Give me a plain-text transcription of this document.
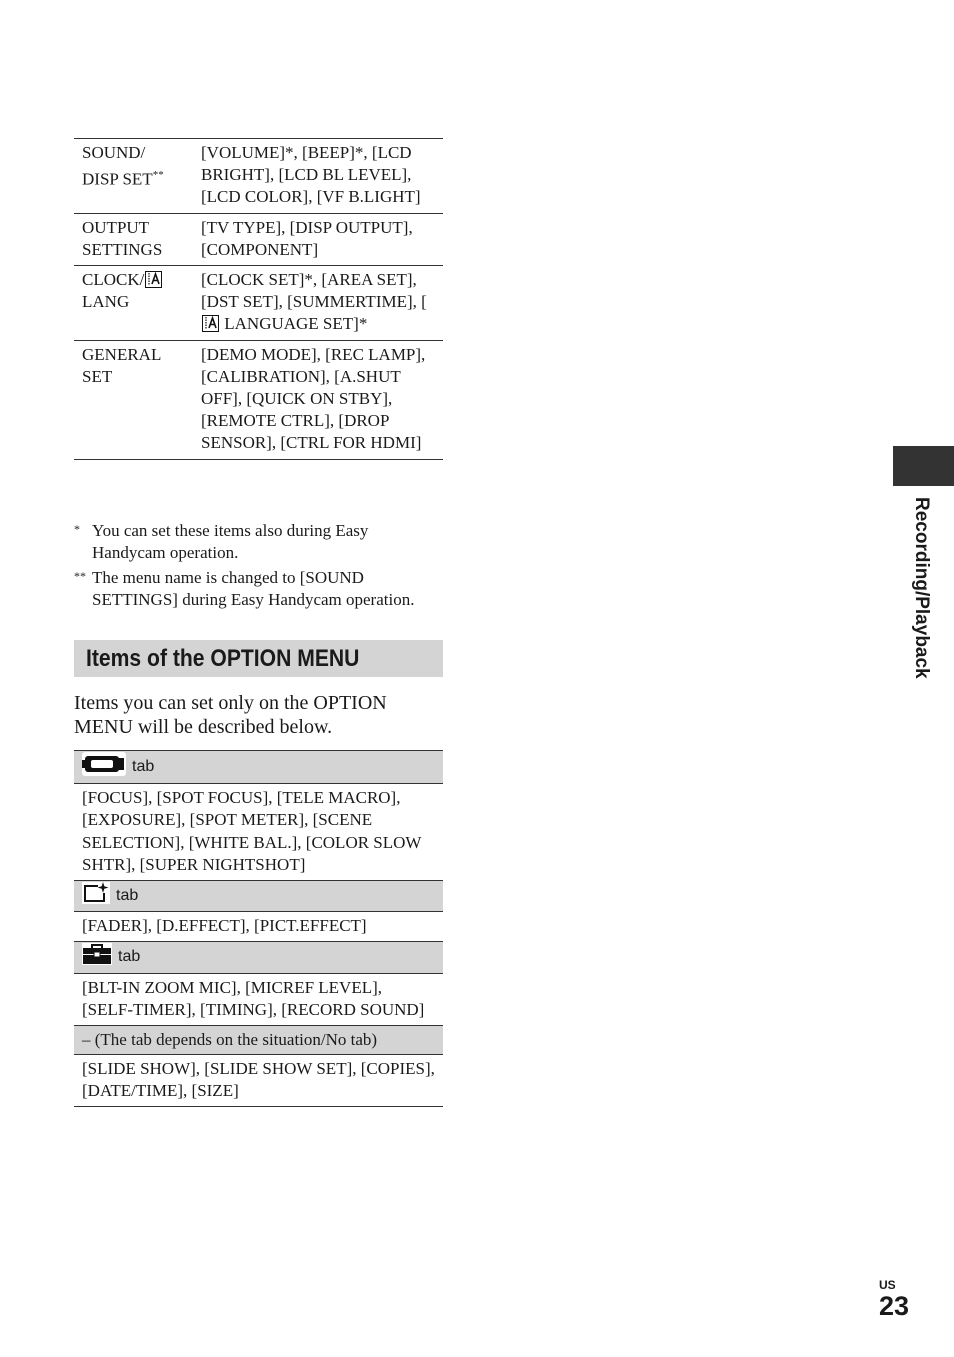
SOUND/
DISP SET**	[VOLUME]*, [BEEP]*, [LCD BRIGHT], [LCD BL LEVEL], [LCD COLOR], [VF B.LIGHT]
OUTPUT
SETTINGS	[TV TYPE], [DISP OUTPUT], [COMPONENT]
CLOCK/

LANG	[CLOCK SET]*, [AREA SET], [DST SET], [SUMMERTIME], [
LANGUAGE SET]*
GENERAL
SET	[DEMO MODE], [REC LAMP], [CALIBRATION], [A.SHUT OFF], [QUICK ON STBY], [REMOTE CTRL], [DROP SENSOR], [CTRL FOR HDMI]
* You can set these items also during Easy Handycam operation.
** The menu name is changed to [SOUND SETTINGS] during Easy Handycam operation.
Items of the OPTION MENU
Items you can set only on the OPTION MENU will be described below.
tab

[FOCUS], [SPOT FOCUS], [TELE MACRO], [EXPOSURE], [SPOT METER], [SCENE SELECTION], [WHITE BAL.], [COLOR SLOW SHTR], [SUPER NIGHTSHOT]

tab

[FADER], [D.EFFECT], [PICT.EFFECT]

tab

[BLT-IN ZOOM MIC], [MICREF LEVEL], [SELF-TIMER], [TIMING], [RECORD SOUND]
– (The tab depends on the situation/No tab)
[SLIDE SHOW], [SLIDE SHOW SET], [COPIES], [DATE/TIME], [SIZE]
Recording/Playback
US
23
